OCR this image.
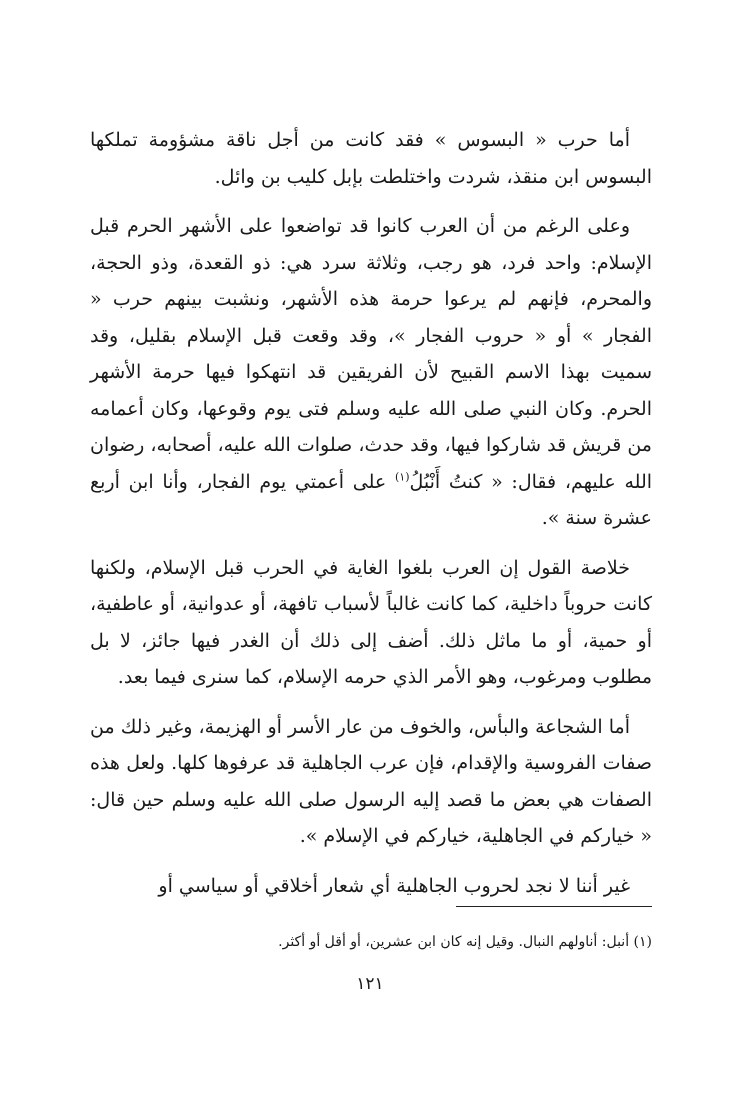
أما حرب « البسوس » فقد كانت من أجل ناقة مشؤومة تملكها البسوس ابن منقذ، شردت واختلطت بإبل كليب بن وائل.

وعلى الرغم من أن العرب كانوا قد تواضعوا على الأشهر الحرم قبل الإسلام: واحد فرد، هو رجب، وثلاثة سرد هي: ذو القعدة، وذو الحجة، والمحرم، فإنهم لم يرعوا حرمة هذه الأشهر، ونشبت بينهم حرب « الفجار » أو « حروب الفجار »، وقد وقعت قبل الإسلام بقليل، وقد سميت بهذا الاسم القبيح لأن الفريقين قد انتهكوا فيها حرمة الأشهر الحرم. وكان النبي صلى الله عليه وسلم فتى يوم وقوعها، وكان أعمامه من قريش قد شاركوا فيها، وقد حدث، صلوات الله عليه، أصحابه، رضوان الله عليهم، فقال: « كنتُ أَنْبُلُ$^{(١)}$ على أعمتي يوم الفجار، وأنا ابن أربع عشرة سنة ».

خلاصة القول إن العرب بلغوا الغاية في الحرب قبل الإسلام، ولكنها كانت حروباً داخلية، كما كانت غالباً لأسباب تافهة، أو عدوانية، أو عاطفية، أو حمية، أو ما ماثل ذلك. أضف إلى ذلك أن الغدر فيها جائز، لا بل مطلوب ومرغوب، وهو الأمر الذي حرمه الإسلام، كما سنرى فيما بعد.

أما الشجاعة والبأس، والخوف من عار الأسر أو الهزيمة، وغير ذلك من صفات الفروسية والإقدام، فإن عرب الجاهلية قد عرفوها كلها. ولعل هذه الصفات هي بعض ما قصد إليه الرسول صلى الله عليه وسلم حين قال: « خياركم في الجاهلية، خياركم في الإسلام ».

غير أننا لا نجد لحروب الجاهلية أي شعار أخلاقي أو سياسي أو

(١) أنبل: أناولهم النبال. وقيل إنه كان ابن عشرين، أو أقل أو أكثر.

١٢١
